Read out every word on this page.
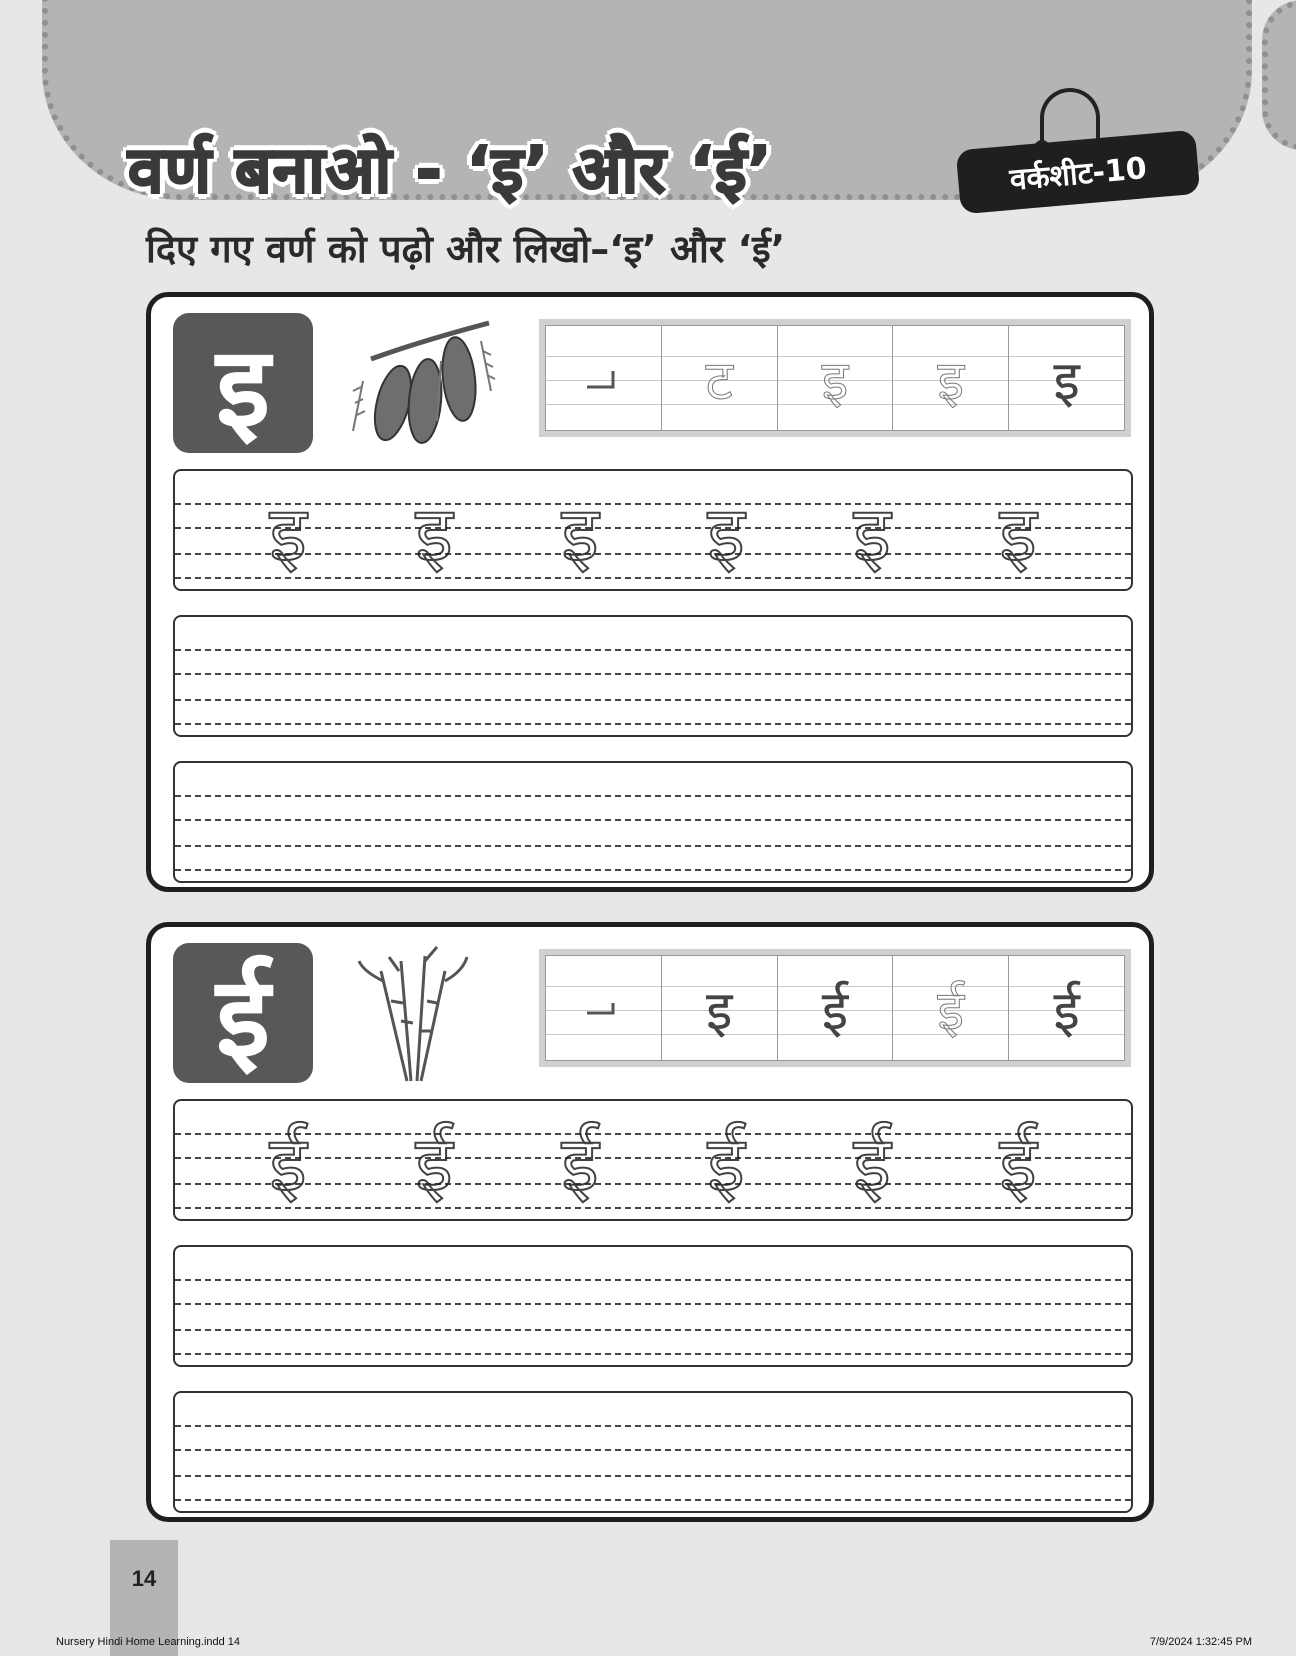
वर्ण बनाओ - ‘इ’ और ‘ई’	वर्कशीट-10
दिए गए वर्ण को पढ़ो और लिखो–‘इ’ और ‘ई’
इ	ट इ इ इ
इ इ इ इ इ इ
ई	इ ई ई ई
ई ई ई ई ई ई
14
Nursery Hindi Home Learning.indd 14	7/9/2024 1:32:45 PM
